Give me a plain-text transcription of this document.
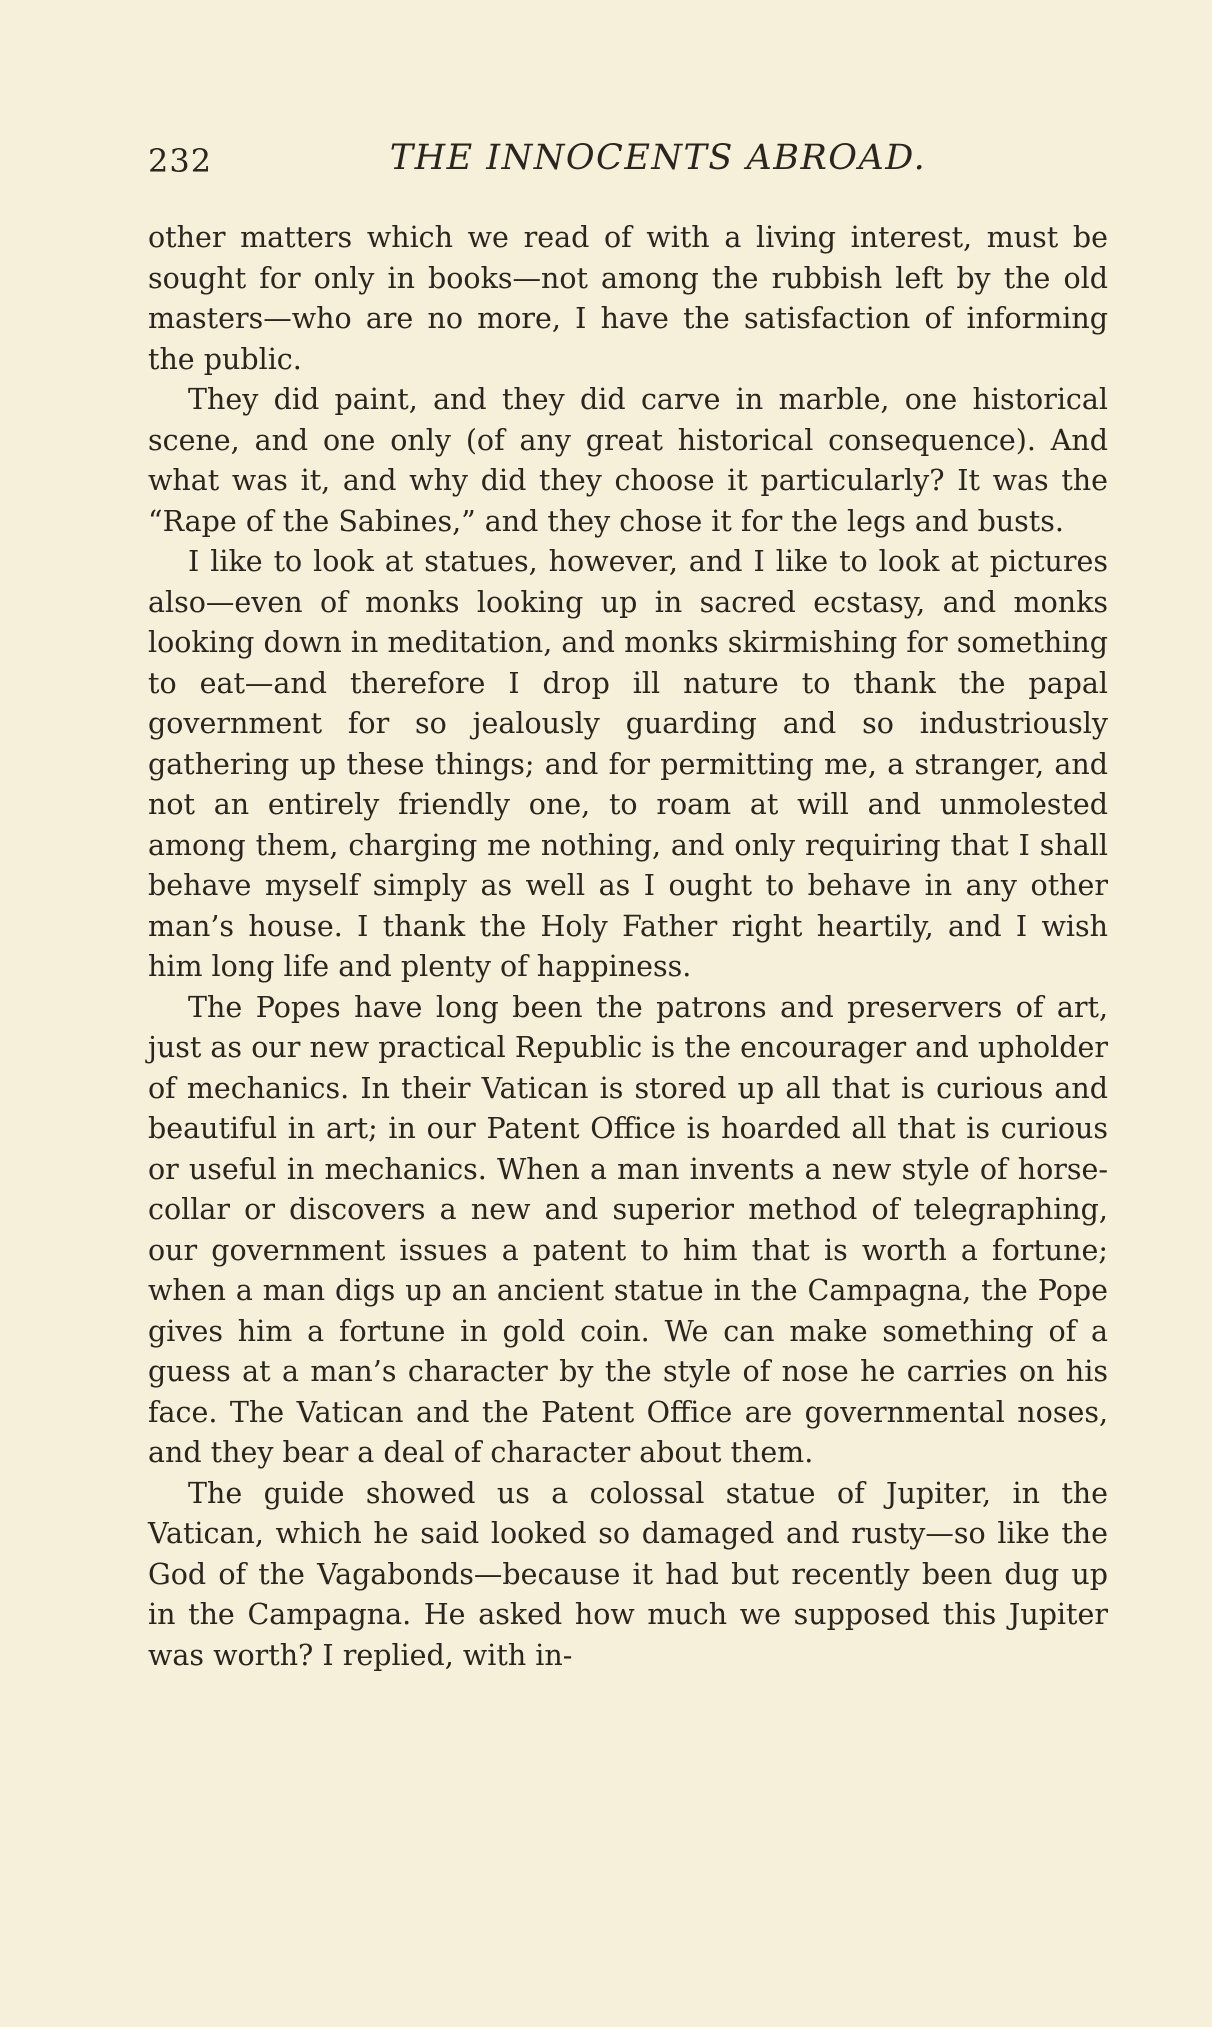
232	THE INNOCENTS ABROAD.

other matters which we read of with a living interest, must be sought for only in books—not among the rubbish left by the old masters—who are no more, I have the satisfaction of informing the public.

They did paint, and they did carve in marble, one historical scene, and one only (of any great historical consequence). And what was it, and why did they choose it particularly? It was the “Rape of the Sabines,” and they chose it for the legs and busts.

I like to look at statues, however, and I like to look at pictures also—even of monks looking up in sacred ecstasy, and monks looking down in meditation, and monks skirmishing for something to eat—and therefore I drop ill nature to thank the papal government for so jealously guarding and so industriously gathering up these things; and for permitting me, a stranger, and not an entirely friendly one, to roam at will and unmolested among them, charging me nothing, and only requiring that I shall behave myself simply as well as I ought to behave in any other man’s house. I thank the Holy Father right heartily, and I wish him long life and plenty of happiness.

The Popes have long been the patrons and preservers of art, just as our new practical Republic is the encourager and upholder of mechanics. In their Vatican is stored up all that is curious and beautiful in art; in our Patent Office is hoarded all that is curious or useful in mechanics. When a man invents a new style of horse-collar or discovers a new and superior method of telegraphing, our government issues a patent to him that is worth a fortune; when a man digs up an ancient statue in the Campagna, the Pope gives him a fortune in gold coin. We can make something of a guess at a man’s character by the style of nose he carries on his face. The Vatican and the Patent Office are governmental noses, and they bear a deal of character about them.

The guide showed us a colossal statue of Jupiter, in the Vatican, which he said looked so damaged and rusty—so like the God of the Vagabonds—because it had but recently been dug up in the Campagna. He asked how much we supposed this Jupiter was worth? I replied, with in-
